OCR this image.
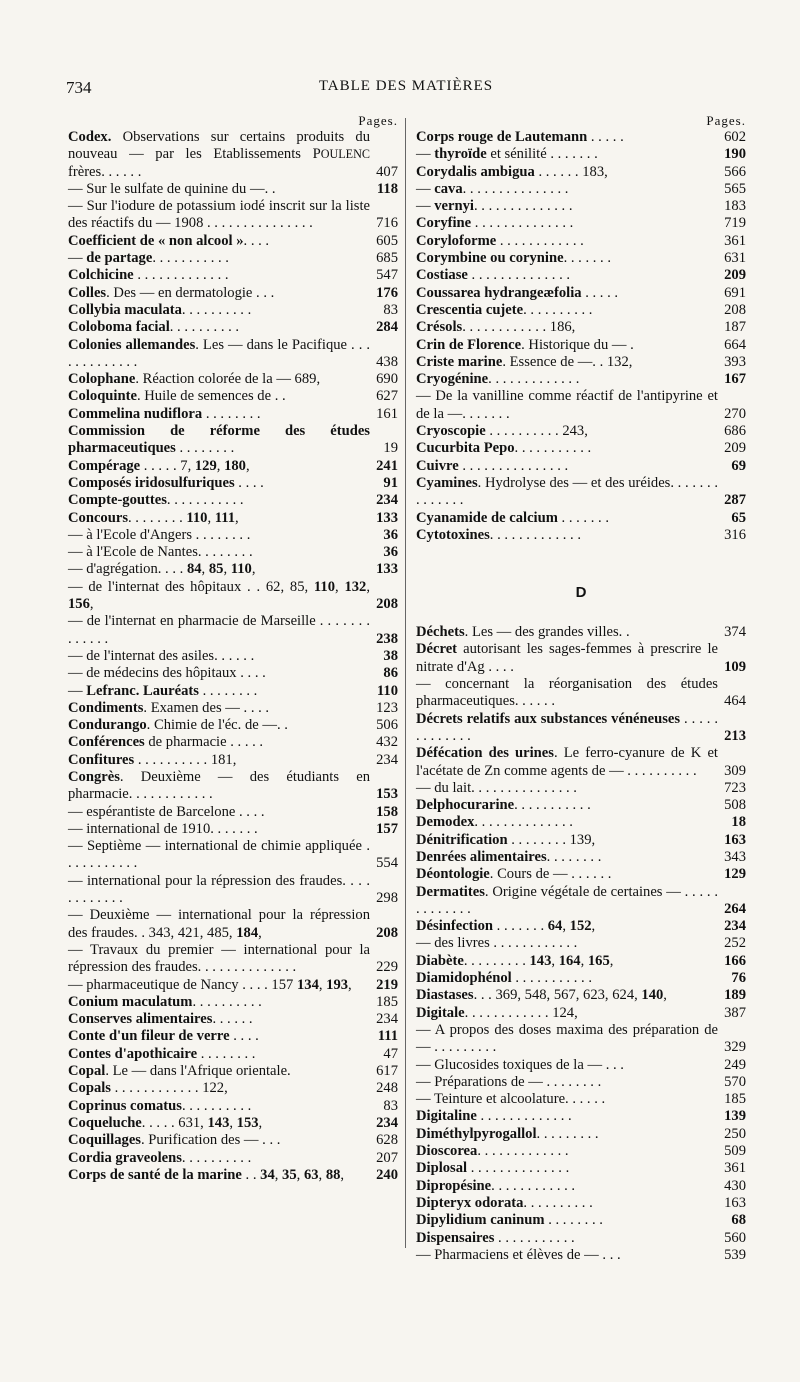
734	TABLE DES MATIÈRES
Pages.
Codex. Observations sur certains produits du nouveau — par les Etablissements POULENC frères. . . . . .	407
— Sur le sulfate de quinine du —. .	118
— Sur l'iodure de potassium iodé inscrit sur la liste des réactifs du — 1908 . . . . . . . . . . . . . . .	716
Coefficient de « non alcool ». . . .	605
— de partage. . . . . . . . . . .	685
Colchicine . . . . . . . . . . . . .	547
Colles. Des — en dermatologie . . .	176
Collybia maculata. . . . . . . . . .	83
Coloboma facial. . . . . . . . . .	284
Colonies allemandes. Les — dans le Pacifique . . . . . . . . . . . . .	438
Colophane. Réaction colorée de la — 689,	690
Coloquinte. Huile de semences de . .	627
Commelina nudiflora . . . . . . . .	161
Commission de réforme des études pharmaceutiques . . . . . . . .	19
Compérage . . . . . 7, 129, 180,	241
Composés iridosulfuriques . . . .	91
Compte-gouttes. . . . . . . . . . .	234
Concours. . . . . . . . 110, 111,	133
— à l'Ecole d'Angers . . . . . . . .	36
— à l'Ecole de Nantes. . . . . . . .	36
— d'agrégation. . . . 84, 85, 110,	133
— de l'internat des hôpitaux . . 62, 85, 110, 132, 156,	208
— de l'internat en pharmacie de Marseille . . . . . . . . . . . . .	238
— de l'internat des asiles. . . . . .	38
— de médecins des hôpitaux . . . .	86
— Lefranc. Lauréats . . . . . . . .	110
Condiments. Examen des — . . . .	123
Condurango. Chimie de l'éc. de —. .	506
Conférences de pharmacie . . . . .	432
Confitures . . . . . . . . . . 181,	234
Congrès. Deuxième — des étudiants en pharmacie. . . . . . . . . . . .	153
— espérantiste de Barcelone . . . .	158
— international de 1910. . . . . . .	157
— Septième — international de chimie appliquée . . . . . . . . . . .	554
— international pour la répression des fraudes. . . . . . . . . . . .	298
— Deuxième — international pour la répression des fraudes. . 343, 421, 485, 184,	208
— Travaux du premier — international pour la répression des fraudes. . . . . . . . . . . . . .	229
— pharmaceutique de Nancy . . . . 157 134, 193,	219
Conium maculatum. . . . . . . . . .	185
Conserves alimentaires. . . . . .	234
Conte d'un fileur de verre . . . .	111
Contes d'apothicaire . . . . . . . .	47
Copal. Le — dans l'Afrique orientale.	617
Copals . . . . . . . . . . . . 122,	248
Coprinus comatus. . . . . . . . . .	83
Coqueluche. . . . . 631, 143, 153,	234
Coquillages. Purification des — . . .	628
Cordia graveolens. . . . . . . . . .	207
Corps de santé de la marine . . 34, 35, 63, 88,	240
Pages.
Corps rouge de Lautemann . . . . .	602
— thyroïde et sénilité . . . . . . .	190
Corydalis ambigua . . . . . . 183,	566
— cava. . . . . . . . . . . . . . .	565
— vernyi. . . . . . . . . . . . . .	183
Coryfine . . . . . . . . . . . . . .	719
Coryloforme . . . . . . . . . . . .	361
Corymbine ou corynine. . . . . . .	631
Costiase . . . . . . . . . . . . . .	209
Coussarea hydrangeæfolia . . . . .	691
Crescentia cujete. . . . . . . . . .	208
Crésols. . . . . . . . . . . . 186,	187
Crin de Florence. Historique du — .	664
Criste marine. Essence de —. . 132,	393
Cryogénine. . . . . . . . . . . . .	167
— De la vanilline comme réactif de l'antipyrine et de la —. . . . . . .	270
Cryoscopie . . . . . . . . . . 243,	686
Cucurbita Pepo. . . . . . . . . . .	209
Cuivre . . . . . . . . . . . . . . .	69
Cyamines. Hydrolyse des — et des uréides. . . . . . . . . . . . . .	287
Cyanamide de calcium . . . . . . .	65
Cytotoxines. . . . . . . . . . . . .	316
D
Déchets. Les — des grandes villes. .	374
Décret autorisant les sages-femmes à prescrire le nitrate d'Ag . . . .	109
— concernant la réorganisation des études pharmaceutiques. . . . . .	464
Décrets relatifs aux substances vénéneuses . . . . . . . . . . . . .	213
Défécation des urines. Le ferro-cyanure de K et l'acétate de Zn comme agents de — . . . . . . . . . .	309
— du lait. . . . . . . . . . . . . . .	723
Delphocurarine. . . . . . . . . . .	508
Demodex. . . . . . . . . . . . . .	18
Dénitrification . . . . . . . . 139,	163
Denrées alimentaires. . . . . . . .	343
Déontologie. Cours de — . . . . . .	129
Dermatites. Origine végétale de certaines — . . . . . . . . . . . . .	264
Désinfection . . . . . . . 64, 152,	234
— des livres . . . . . . . . . . . .	252
Diabète. . . . . . . . . 143, 164, 165,	166
Diamidophénol . . . . . . . . . . .	76
Diastases. . . 369, 548, 567, 623, 624, 140,	189
Digitale. . . . . . . . . . . . 124,	387
— A propos des doses maxima des préparation de — . . . . . . . . .	329
— Glucosides toxiques de la — . . .	249
— Préparations de — . . . . . . . .	570
— Teinture et alcoolature. . . . . .	185
Digitaline . . . . . . . . . . . . .	139
Diméthylpyrogallol. . . . . . . . .	250
Dioscorea. . . . . . . . . . . . .	509
Diplosal . . . . . . . . . . . . . .	361
Dipropésine. . . . . . . . . . . .	430
Dipteryx odorata. . . . . . . . . .	163
Dipylidium caninum . . . . . . . .	68
Dispensaires . . . . . . . . . . .	560
— Pharmaciens et élèves de — . . .	539
